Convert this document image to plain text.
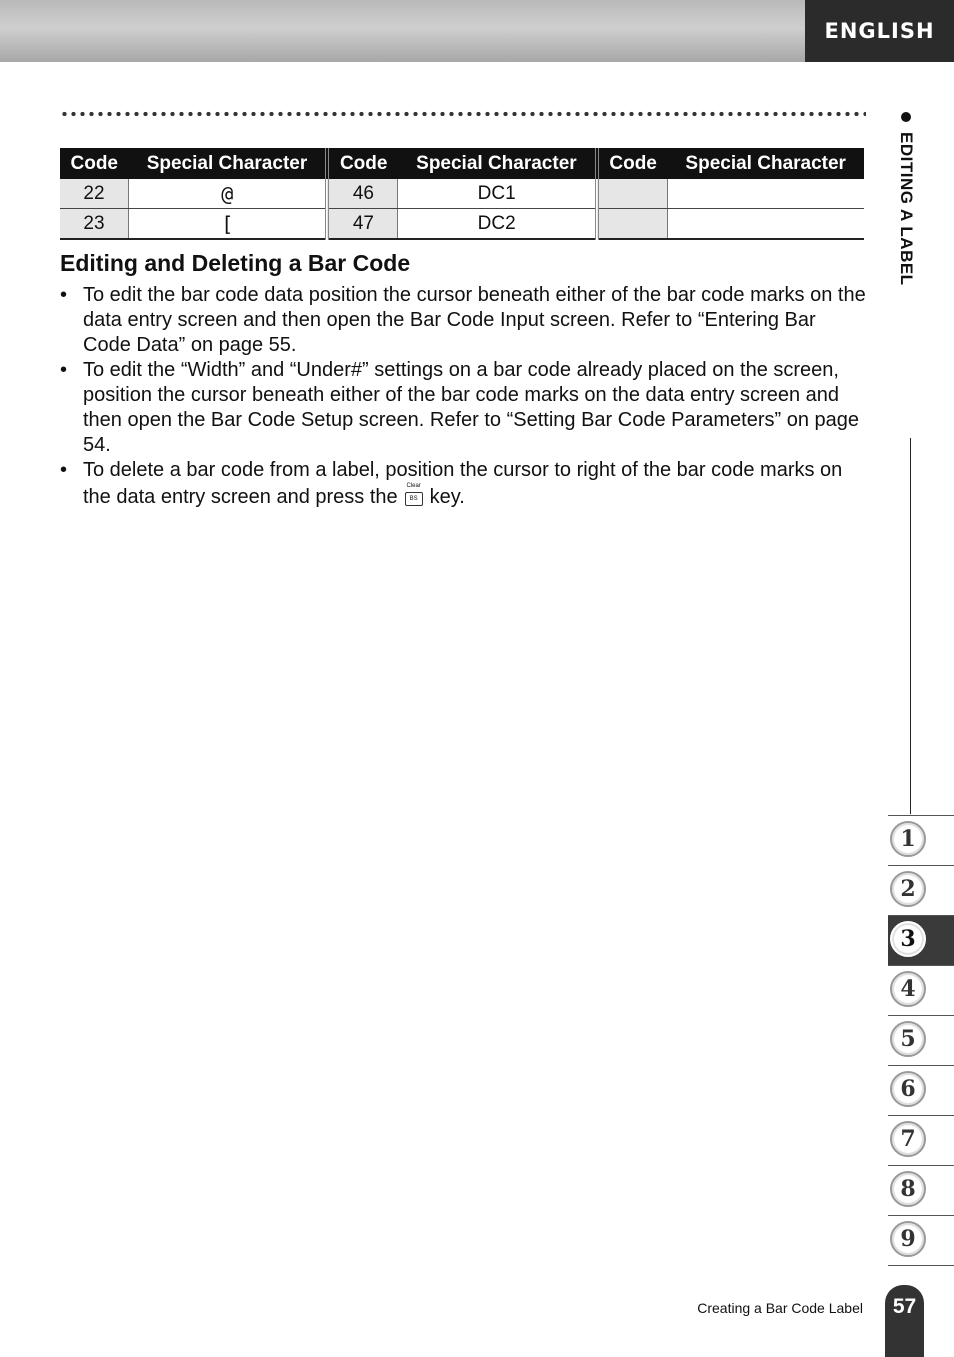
ENGLISH
Code	Special Character	Code	Special Character	Code	Special Character
22	@	46	DC1		
23	[	47	DC2		
Editing and Deleting a Bar Code
• To edit the bar code data position the cursor beneath either of the bar code marks on the data entry screen and then open the Bar Code Input screen. Refer to “Entering Bar Code Data” on page 55.
• To edit the “Width” and “Under#” settings on a bar code already placed on the screen, position the cursor beneath either of the bar code marks on the data entry screen and then open the Bar Code Setup screen. Refer to “Setting Bar Code Parameters” on page 54.
• To delete a bar code from a label, position the cursor to right of the bar code marks on the data entry screen and press the	Clear
BS key.
EDITING A LABEL
1
2
3
4
5
6
7
8
9
Creating a Bar Code Label	57
